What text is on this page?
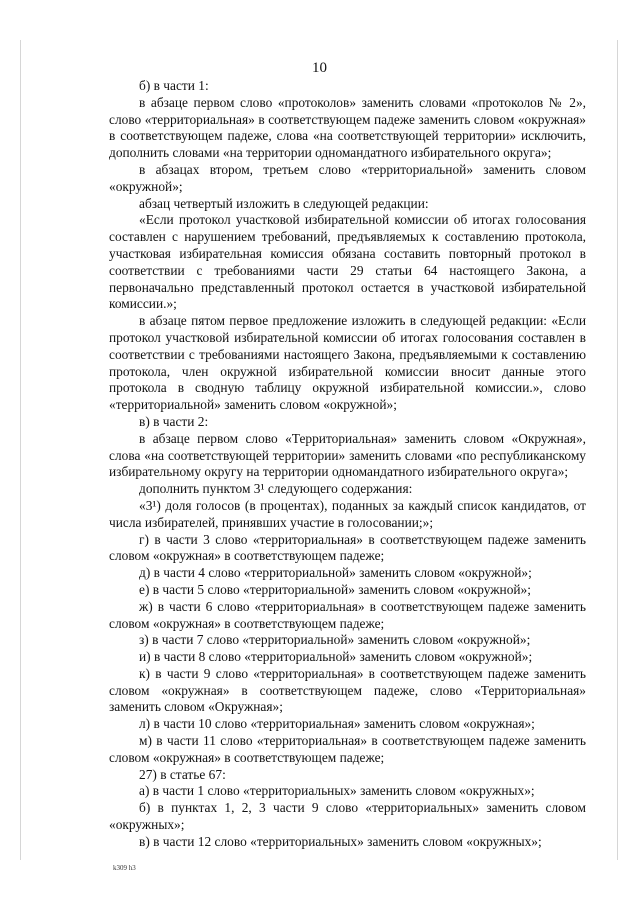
10

б) в части 1:

в абзаце первом слово «протоколов» заменить словами «протоколов № 2», слово «территориальная» в соответствующем падеже заменить словом «окружная» в соответствующем падеже, слова «на соответствующей территории» исключить, дополнить словами «на территории одномандатного избирательного округа»;

в абзацах втором, третьем слово «территориальной» заменить словом «окружной»;

абзац четвертый изложить в следующей редакции:

«Если протокол участковой избирательной комиссии об итогах голосования составлен с нарушением требований, предъявляемых к составлению протокола, участковая избирательная комиссия обязана составить повторный протокол в соответствии с требованиями части 29 статьи 64 настоящего Закона, а первоначально представленный протокол остается в участковой избирательной комиссии.»;

в абзаце пятом первое предложение изложить в следующей редакции: «Если протокол участковой избирательной комиссии об итогах голосования составлен в соответствии с требованиями настоящего Закона, предъявляемыми к составлению протокола, член окружной избирательной комиссии вносит данные этого протокола в сводную таблицу окружной избирательной комиссии.», слово «территориальной» заменить словом «окружной»;

в) в части 2:

в абзаце первом слово «Территориальная» заменить словом «Окружная», слова «на соответствующей территории» заменить словами «по республиканскому избирательному округу на территории одномандатного избирательного округа»;

дополнить пунктом 3¹ следующего содержания:

«3¹) доля голосов (в процентах), поданных за каждый список кандидатов, от числа избирателей, принявших участие в голосовании;»;

г) в части 3 слово «территориальная» в соответствующем падеже заменить словом «окружная» в соответствующем падеже;

д) в части 4 слово «территориальной» заменить словом «окружной»;

е) в части 5 слово «территориальной» заменить словом «окружной»;

ж) в части 6 слово «территориальная» в соответствующем падеже заменить словом «окружная» в соответствующем падеже;

з) в части 7 слово «территориальной» заменить словом «окружной»;

и) в части 8 слово «территориальной» заменить словом «окружной»;

к) в части 9 слово «территориальная» в соответствующем падеже заменить словом «окружная» в соответствующем падеже, слово «Территориальная» заменить словом «Окружная»;

л) в части 10 слово «территориальная» заменить словом «окружная»;

м) в части 11 слово «территориальная» в соответствующем падеже заменить словом «окружная» в соответствующем падеже;

27) в статье 67:

а) в части 1 слово «территориальных» заменить словом «окружных»;

б) в пунктах 1, 2, 3 части 9 слово «территориальных» заменить словом «окружных»;

в) в части 12 слово «территориальных» заменить словом «окружных»;

k309 h3
